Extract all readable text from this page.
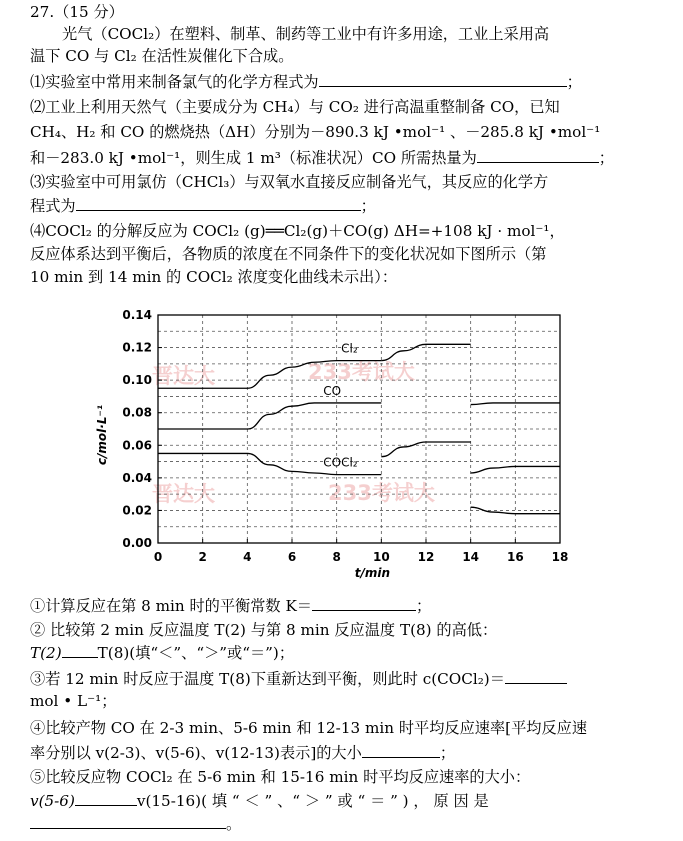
27.（15 分）
光气（COCl₂）在塑料、制革、制药等工业中有许多用途，工业上采用高
温下 CO 与 Cl₂ 在活性炭催化下合成。
⑴实验室中常用来制备氯气的化学方程式为	；
⑵工业上利用天然气（主要成分为 CH₄）与 CO₂ 进行高温重整制备 CO，已知
CH₄、H₂ 和 CO 的燃烧热（ΔH）分别为－890.3 kJ •mol⁻¹ 、－285.8 kJ •mol⁻¹
和－283.0 kJ •mol⁻¹，则生成 1 m³（标准状况）CO 所需热量为	；
⑶实验室中可用氯仿（CHCl₃）与双氧水直接反应制备光气，其反应的化学方
程式为	；
⑷COCl₂ 的分解反应为 COCl₂ (g)══Cl₂(g)＋CO(g) ΔH=+108 kJ · mol⁻¹，
反应体系达到平衡后，各物质的浓度在不同条件下的变化状况如下图所示（第
10 min 到 14 min 的 COCl₂ 浓度变化曲线未示出）：
晋达大	233考试大
233考试大
晋达大
0	2	4	6	8	10 12 14 16 18
0.00
0.02
0.04
0.06
0.08
0.10
0.12
0.14
t/min
c/mol·L⁻¹
Cl₂
CO
COCl₂
①计算反应在第 8 min 时的平衡常数 K＝	；
② 比较第 2 min 反应温度 T(2) 与第 8 min 反应温度 T(8) 的高低：
T(2) T(8)(填“＜”、“＞”或“＝”)；
③若 12 min 时反应于温度 T(8)下重新达到平衡，则此时 c(COCl₂)＝
mol • L⁻¹；
④比较产物 CO 在 2-3 min、5-6 min 和 12-13 min 时平均反应速率[平均反应速
率分别以 v(2-3)、v(5-6)、v(12-13)表示]的大小	；
⑤比较反应物 COCl₂ 在 5-6 min 和 15-16 min 时平均反应速率的大小：
v(5-6)	v(15-16)( 填 “ ＜ ” 、“ ＞ ” 或 “ ＝ ” ) ， 原 因 是
。
